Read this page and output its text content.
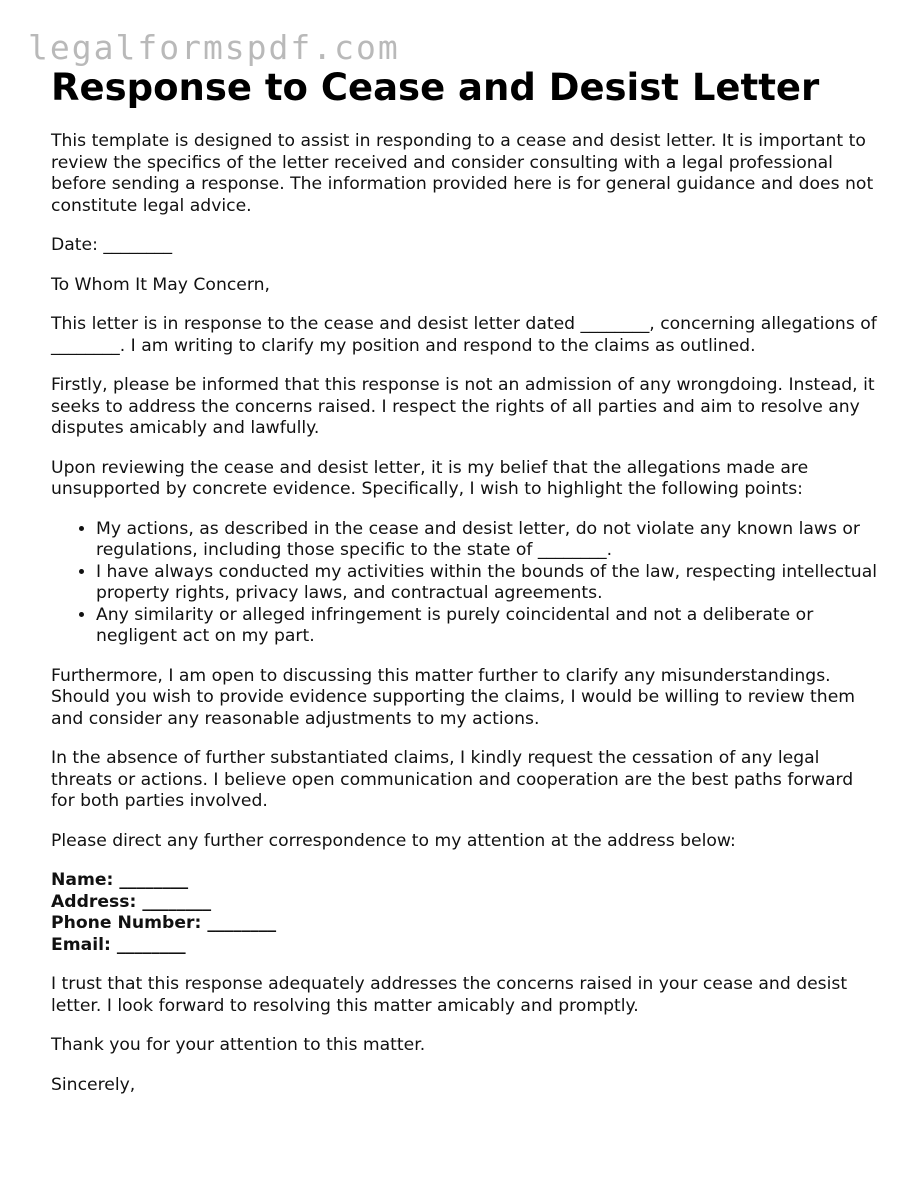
legalformspdf.com
Response to Cease and Desist Letter

This template is designed to assist in responding to a cease and desist letter. It is important to review the specifics of the letter received and consider consulting with a legal professional before sending a response. The information provided here is for general guidance and does not constitute legal advice.

Date: ________

To Whom It May Concern,

This letter is in response to the cease and desist letter dated ________, concerning allegations of ________. I am writing to clarify my position and respond to the claims as outlined.

Firstly, please be informed that this response is not an admission of any wrongdoing. Instead, it seeks to address the concerns raised. I respect the rights of all parties and aim to resolve any disputes amicably and lawfully.

Upon reviewing the cease and desist letter, it is my belief that the allegations made are unsupported by concrete evidence. Specifically, I wish to highlight the following points:

• My actions, as described in the cease and desist letter, do not violate any known laws or regulations, including those specific to the state of ________.
• I have always conducted my activities within the bounds of the law, respecting intellectual property rights, privacy laws, and contractual agreements.
• Any similarity or alleged infringement is purely coincidental and not a deliberate or negligent act on my part.

Furthermore, I am open to discussing this matter further to clarify any misunderstandings. Should you wish to provide evidence supporting the claims, I would be willing to review them and consider any reasonable adjustments to my actions.

In the absence of further substantiated claims, I kindly request the cessation of any legal threats or actions. I believe open communication and cooperation are the best paths forward for both parties involved.

Please direct any further correspondence to my attention at the address below:

Name: ________
Address: ________
Phone Number: ________
Email: ________

I trust that this response adequately addresses the concerns raised in your cease and desist letter. I look forward to resolving this matter amicably and promptly.

Thank you for your attention to this matter.

Sincerely,
